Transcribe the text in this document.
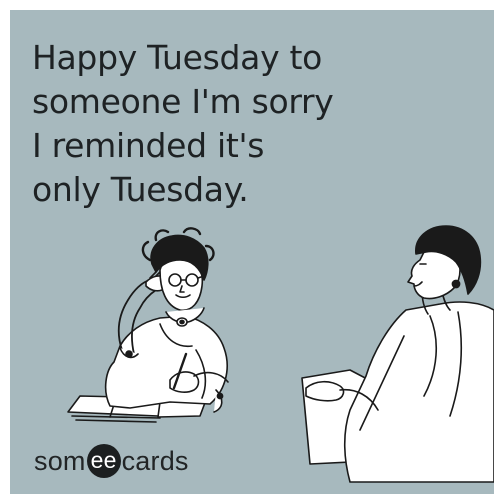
Happy Tuesday to
someone I'm sorry
I reminded it's
only Tuesday.
som ee cards
